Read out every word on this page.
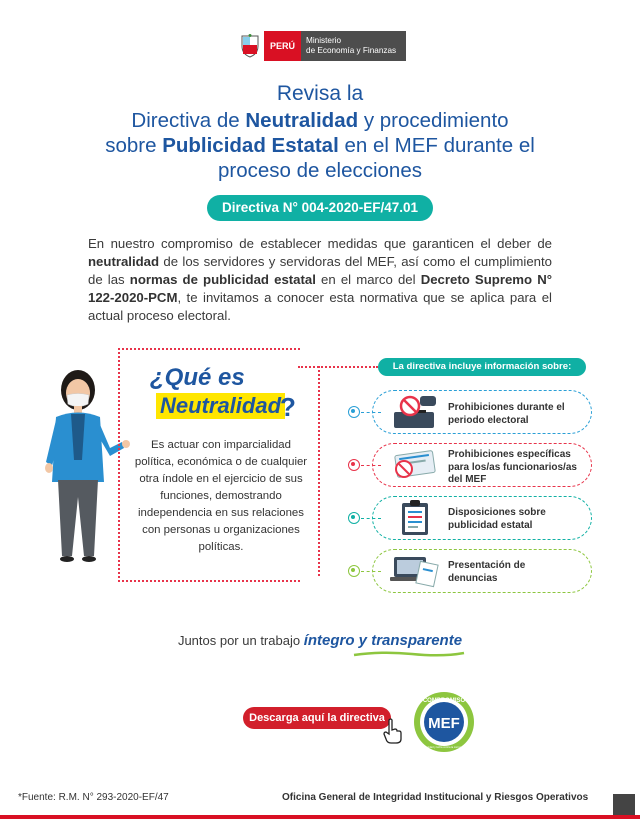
PERÚ
Ministerio
de Economía y Finanzas
Revisa la
Directiva de Neutralidad y procedimiento
sobre Publicidad Estatal en el MEF durante el
proceso de elecciones
Directiva N° 004-2020-EF/47.01
En nuestro compromiso de establecer medidas que garanticen el deber de neutralidad de los servidores y servidoras del MEF, así como el cumplimiento de las normas de publicidad estatal en el marco del Decreto Supremo N° 122-2020-PCM, te invitamos a conocer esta normativa que se aplica para el actual proceso electoral.
¿Qué es
Neutralidad
?
Es actuar con imparcialidad política, económica o de cualquier otra índole en el ejercicio de sus funciones, demostrando independencia en sus relaciones con personas u organizaciones políticas.
La directiva incluye información sobre:
Prohibiciones durante el
periodo electoral
Prohibiciones específicas
para los/as funcionarios/as
del MEF
Disposiciones sobre
publicidad estatal
Presentación de
denuncias
Juntos por un trabajo íntegro y transparente
Descarga aquí la directiva
COMPROMISO
MEF
Integridad y lucha contra la corrupción
*Fuente: R.M. N° 293-2020-EF/47	Oficina General de Integridad Institucional y Riesgos Operativos
